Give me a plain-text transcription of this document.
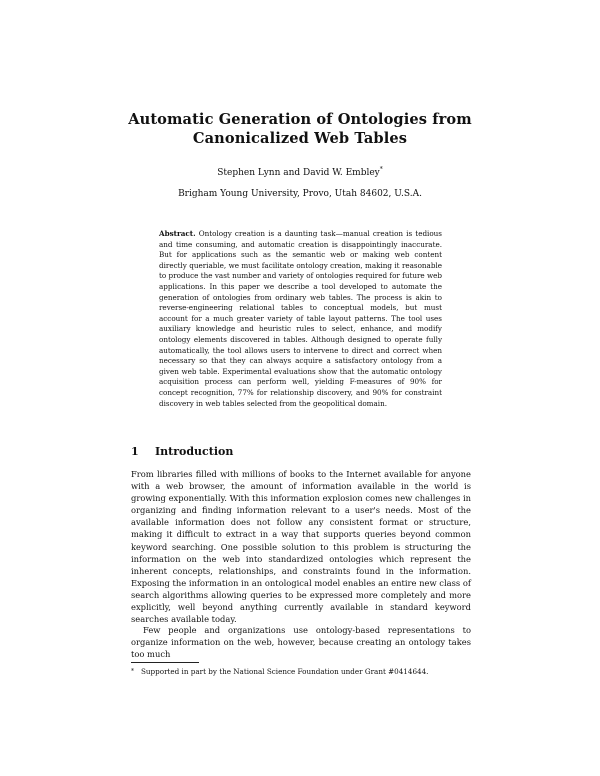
Automatic Generation of Ontologies from
Canonicalized Web Tables
Stephen Lynn and David W. Embley*
Brigham Young University, Provo, Utah 84602, U.S.A.

Abstract. Ontology creation is a daunting task—manual creation is tedious and time consuming, and automatic creation is disappointingly inaccurate. But for applications such as the semantic web or making web content directly queriable, we must facilitate ontology creation, making it reasonable to produce the vast number and variety of ontologies required for future web applications. In this paper we describe a tool developed to automate the generation of ontologies from ordinary web tables. The process is akin to reverse-engineering relational tables to conceptual models, but must account for a much greater variety of table layout patterns. The tool uses auxiliary knowledge and heuristic rules to select, enhance, and modify ontology elements discovered in tables. Although designed to operate fully automatically, the tool allows users to intervene to direct and correct when necessary so that they can always acquire a satisfactory ontology from a given web table. Experimental evaluations show that the automatic ontology acquisition process can perform well, yielding F-measures of 90% for concept recognition, 77% for relationship discovery, and 90% for constraint discovery in web tables selected from the geopolitical domain.

1 Introduction

From libraries filled with millions of books to the Internet available for anyone with a web browser, the amount of information available in the world is growing exponentially. With this information explosion comes new challenges in organizing and finding information relevant to a user's needs. Most of the available information does not follow any consistent format or structure, making it difficult to extract in a way that supports queries beyond common keyword searching. One possible solution to this problem is structuring the information on the web into standardized ontologies which represent the inherent concepts, relationships, and constraints found in the information. Exposing the information in an ontological model enables an entire new class of search algorithms allowing queries to be expressed more completely and more explicitly, well beyond anything currently available in standard keyword searches available today.

Few people and organizations use ontology-based representations to organize information on the web, however, because creating an ontology takes too much

* Supported in part by the National Science Foundation under Grant #0414644.
